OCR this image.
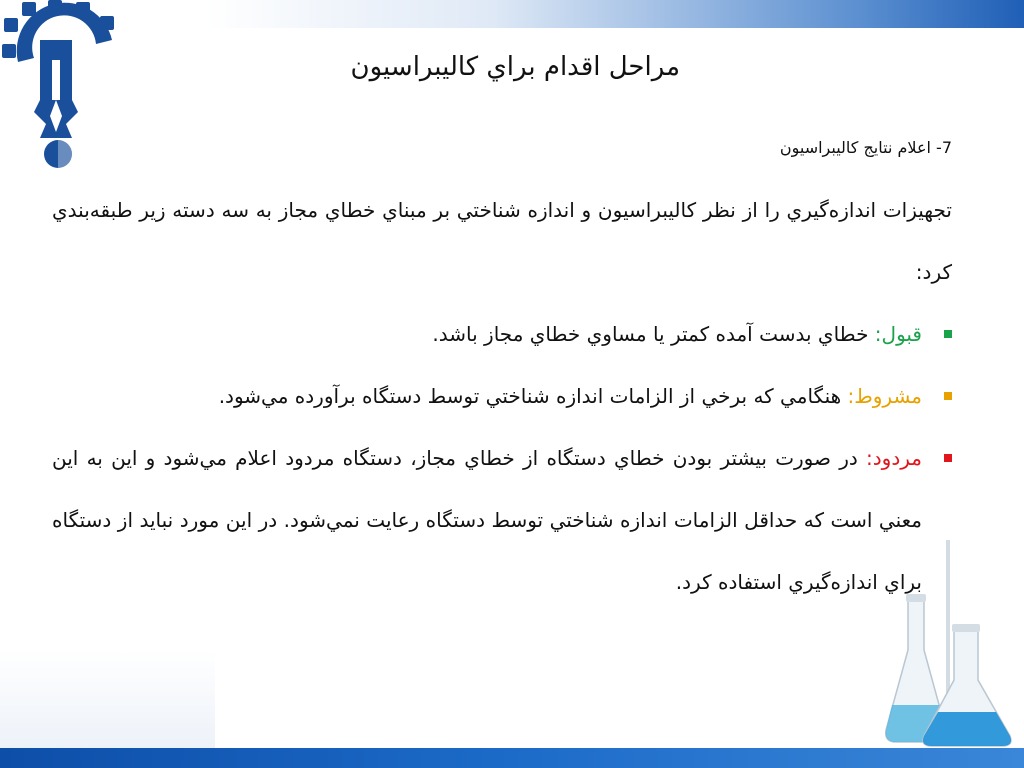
مراحل اقدام براي كاليبراسيون
7- اعلام نتايج كاليبراسيون

تجهيزات اندازه‌گيري را از نظر كاليبراسيون و اندازه شناختي بر مبناي خطاي مجاز به سه دسته زير طبقه‌بندي كرد:

قبول: خطاي بدست آمده كمتر يا مساوي خطاي مجاز باشد.
مشروط: هنگامي كه برخي از الزامات اندازه شناختي توسط دستگاه برآورده مي‌شود.
مردود: در صورت بيشتر بودن خطاي دستگاه از خطاي مجاز، دستگاه مردود اعلام مي‌شود و اين به اين معني است كه حداقل الزامات اندازه شناختي توسط دستگاه رعايت نمي‌شود. در اين مورد نبايد از دستگاه براي اندازه‌گيري استفاده كرد.
